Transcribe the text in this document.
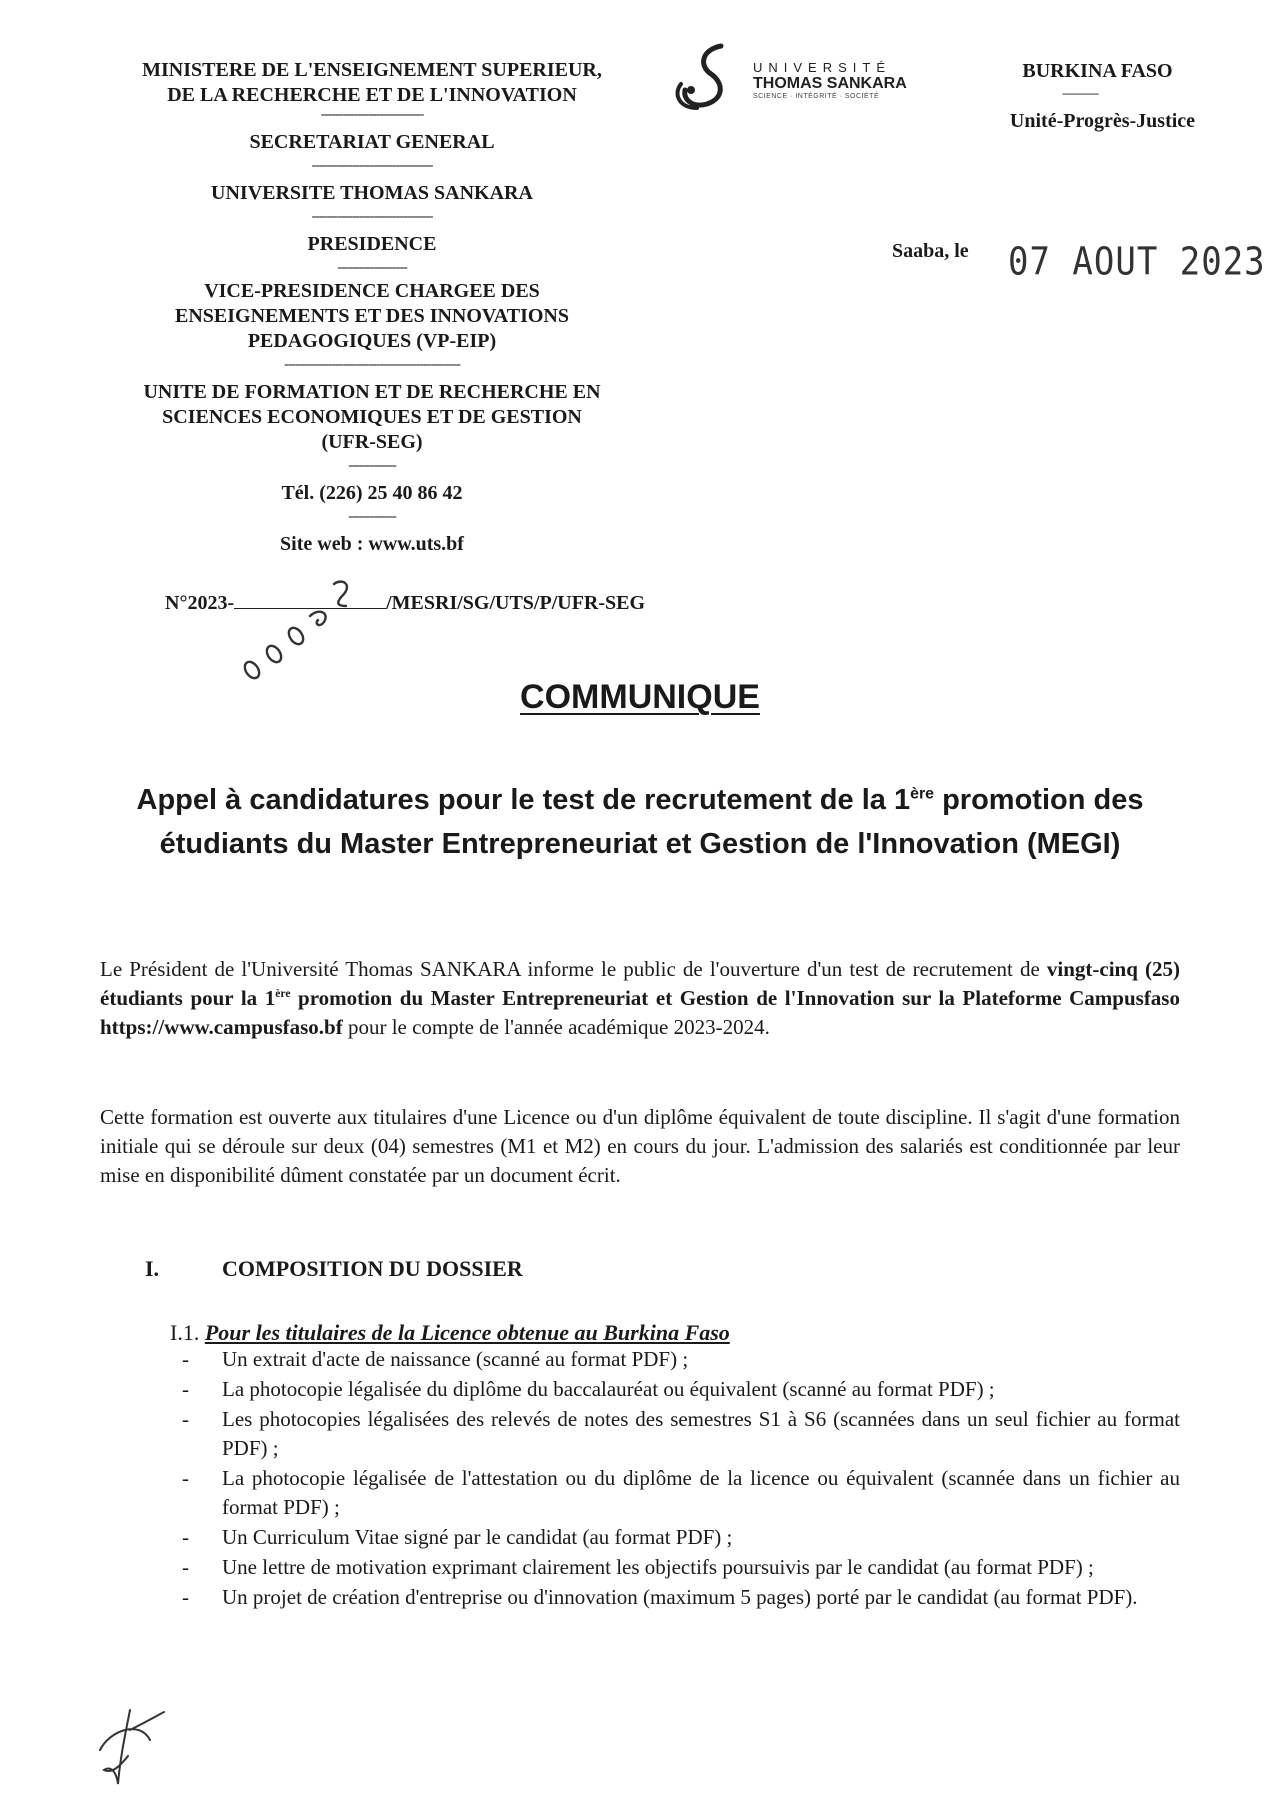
MINISTERE DE L'ENSEIGNEMENT SUPERIEUR,
DE LA RECHERCHE ET DE L'INNOVATION
----------------------------
SECRETARIAT GENERAL
---------------------------------
UNIVERSITE THOMAS SANKARA
---------------------------------
PRESIDENCE
-------------------
VICE-PRESIDENCE CHARGEE DES
ENSEIGNEMENTS ET DES INNOVATIONS
PEDAGOGIQUES (VP-EIP)
------------------------------------------------
UNITE DE FORMATION ET DE RECHERCHE EN
SCIENCES ECONOMIQUES ET DE GESTION
(UFR-SEG)
-------------
Tél. (226) 25 40 86 42
-------------
Site web : www.uts.bf
UNIVERSITÉ
THOMAS SANKARA
SCIENCE · INTÉGRITÉ · SOCIÉTÉ
BURKINA FASO
------------
Unité-Progrès-Justice
Saaba, le 07 AOUT 2023
N°2023-	/MESRI/SG/UTS/P/UFR-SEG
COMMUNIQUE
Appel à candidatures pour le test de recrutement de la 1ère promotion des étudiants du Master Entrepreneuriat et Gestion de l'Innovation (MEGI)
Le Président de l'Université Thomas SANKARA informe le public de l'ouverture d'un test de recrutement de vingt-cinq (25) étudiants pour la 1ère promotion du Master Entrepreneuriat et Gestion de l'Innovation sur la Plateforme Campusfaso https://www.campusfaso.bf pour le compte de l'année académique 2023-2024.
Cette formation est ouverte aux titulaires d'une Licence ou d'un diplôme équivalent de toute discipline. Il s'agit d'une formation initiale qui se déroule sur deux (04) semestres (M1 et M2) en cours du jour. L'admission des salariés est conditionnée par leur mise en disponibilité dûment constatée par un document écrit.
I.	COMPOSITION DU DOSSIER
I.1. Pour les titulaires de la Licence obtenue au Burkina Faso
- Un extrait d'acte de naissance (scanné au format PDF) ;
- La photocopie légalisée du diplôme du baccalauréat ou équivalent (scanné au format PDF) ;
- Les photocopies légalisées des relevés de notes des semestres S1 à S6 (scannées dans un seul fichier au format PDF) ;
- La photocopie légalisée de l'attestation ou du diplôme de la licence ou équivalent (scannée dans un fichier au format PDF) ;
- Un Curriculum Vitae signé par le candidat (au format PDF) ;
- Une lettre de motivation exprimant clairement les objectifs poursuivis par le candidat (au format PDF) ;
- Un projet de création d'entreprise ou d'innovation (maximum 5 pages) porté par le candidat (au format PDF).
